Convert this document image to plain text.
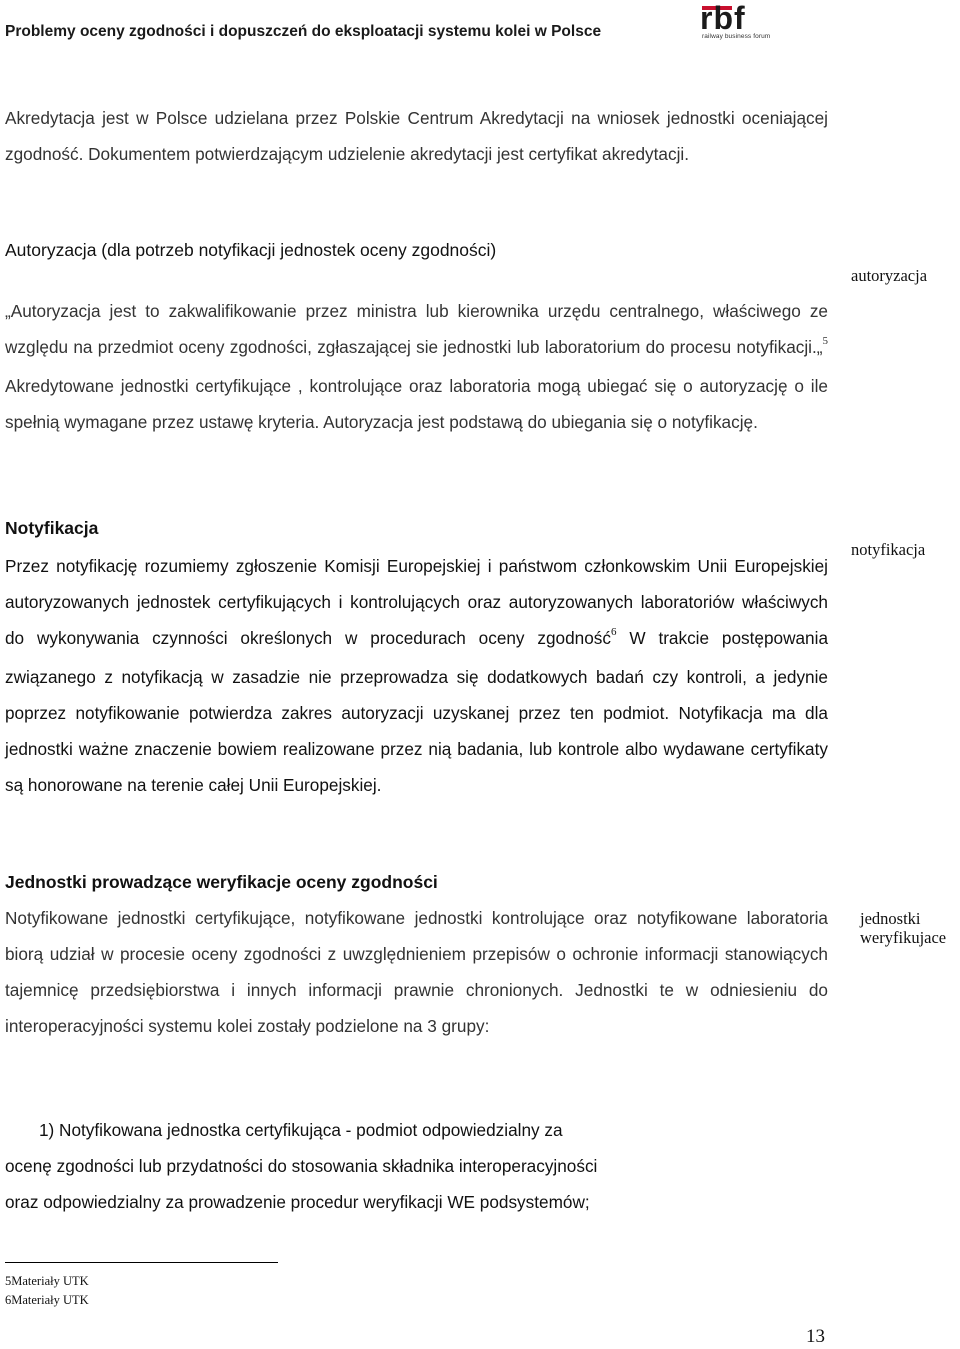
Problemy oceny zgodności i dopuszczeń do eksploatacji systemu kolei w Polsce	rbf
railway business forum

Akredytacja jest w Polsce udzielana przez Polskie Centrum Akredytacji na wniosek jednostki oceniającej zgodność. Dokumentem potwierdzającym udzielenie akredytacji jest certyfikat akredytacji.

Autoryzacja (dla potrzeb notyfikacji jednostek oceny zgodności)
autoryzacja

„Autoryzacja jest to zakwalifikowanie przez ministra lub kierownika urzędu centralnego, właściwego ze względu na przedmiot oceny zgodności, zgłaszającej sie jednostki lub laboratorium do procesu notyfikacji.„$^5$ Akredytowane jednostki certyfikujące , kontrolujące oraz laboratoria mogą ubiegać się o autoryzację o ile spełnią wymagane przez ustawę kryteria. Autoryzacja jest podstawą do ubiegania się o notyfikację.

Notyfikacja
notyfikacja

Przez notyfikację rozumiemy zgłoszenie Komisji Europejskiej i państwom członkowskim Unii Europejskiej autoryzowanych jednostek certyfikujących i kontrolujących oraz autoryzowanych laboratoriów właściwych do wykonywania czynności określonych w procedurach oceny zgodność$^6$ W trakcie postępowania związanego z notyfikacją w zasadzie nie przeprowadza się dodatkowych badań czy kontroli, a jedynie poprzez notyfikowanie potwierdza zakres autoryzacji uzyskanej przez ten podmiot. Notyfikacja ma dla jednostki ważne znaczenie bowiem realizowane przez nią badania, lub kontrole albo wydawane certyfikaty są honorowane na terenie całej Unii Europejskiej.

Jednostki prowadzące weryfikacje oceny zgodności
jednostki
weryfikujace

Notyfikowane jednostki certyfikujące, notyfikowane jednostki kontrolujące oraz notyfikowane laboratoria biorą udział w procesie oceny zgodności z uwzględnieniem przepisów o ochronie informacji stanowiących tajemnicę przedsiębiorstwa i innych informacji prawnie chronionych. Jednostki te w odniesieniu do interoperacyjności systemu kolei zostały podzielone na 3 grupy:

1) Notyfikowana jednostka certyfikująca - podmiot odpowiedzialny za
ocenę zgodności lub przydatności do stosowania składnika interoperacyjności
oraz odpowiedzialny za prowadzenie procedur weryfikacji WE podsystemów;
5Materiały UTK
6Materiały UTK
13
